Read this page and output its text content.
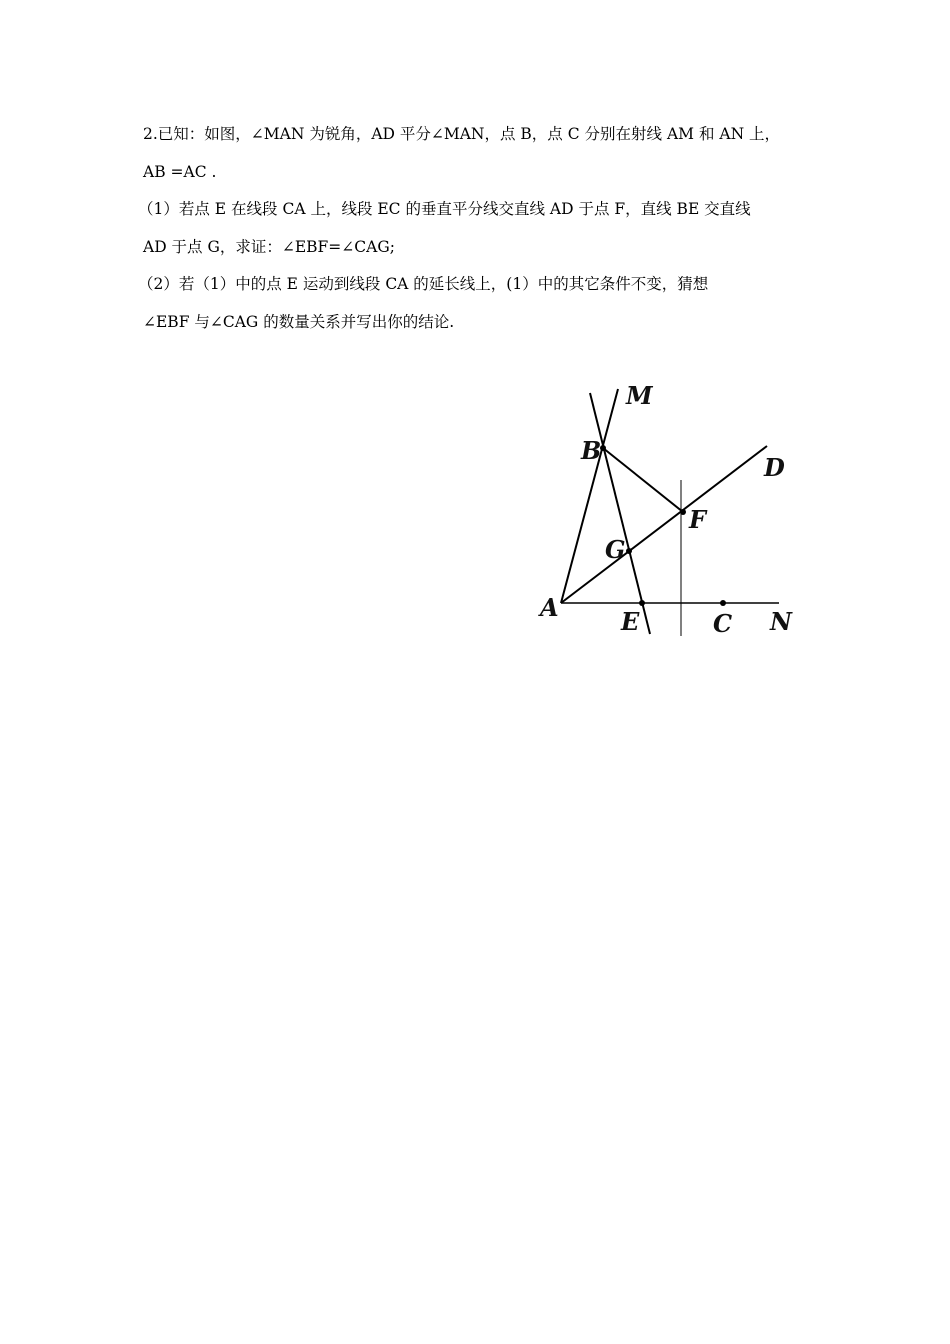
2.已知：如图，∠MAN 为锐角，AD 平分∠MAN，点 B，点 C 分别在射线 AM 和 AN 上，
AB =AC .
（1）若点 E 在线段 CA 上，线段 EC 的垂直平分线交直线 AD 于点 F，直线 BE 交直线
AD 于点 G，求证：∠EBF=∠CAG;
（2）若（1）中的点 E 运动到线段 CA 的延长线上，(1）中的其它条件不变，猜想
∠EBF 与∠CAG 的数量关系并写出你的结论.
M
B
D
F
G
A	E	C N
